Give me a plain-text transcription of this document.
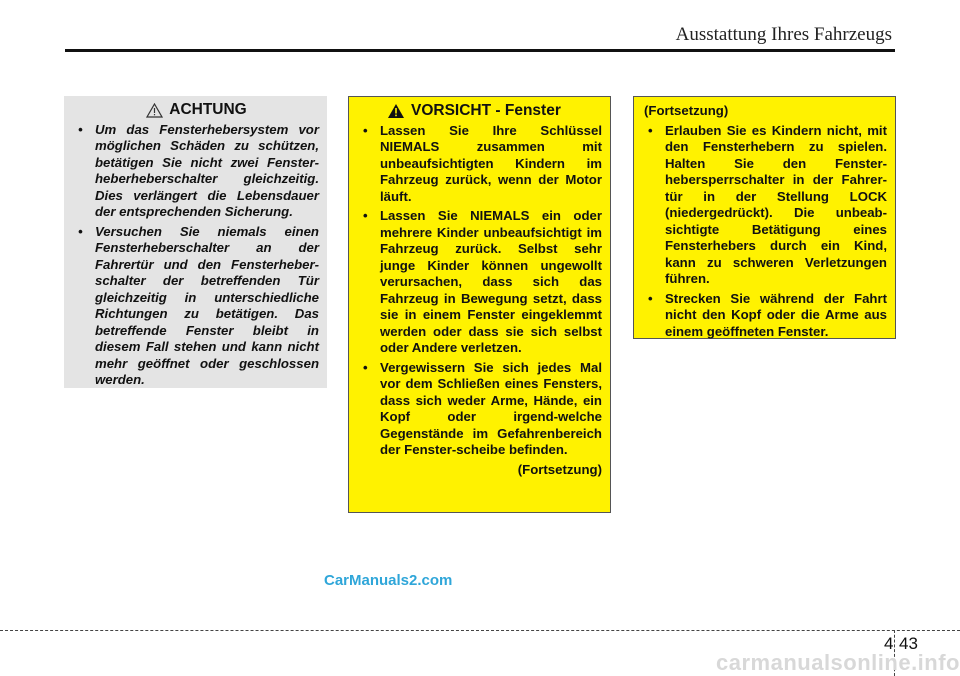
Ausstattung Ihres Fahrzeugs
ACHTUNG
• Um das Fensterhebersystem vor möglichen Schäden zu schützen, betätigen Sie nicht zwei Fenster-heberheberschalter gleichzeitig. Dies verlängert die Lebensdauer der entsprechenden Sicherung.
• Versuchen Sie niemals einen Fensterheberschalter an der Fahrertür und den Fensterheber-schalter der betreffenden Tür gleichzeitig in unterschiedliche Richtungen zu betätigen. Das betreffende Fenster bleibt in diesem Fall stehen und kann nicht mehr geöffnet oder geschlossen werden.
VORSICHT - Fenster
• Lassen Sie Ihre Schlüssel NIEMALS zusammen mit unbeaufsichtigten Kindern im Fahrzeug zurück, wenn der Motor läuft.
• Lassen Sie NIEMALS ein oder mehrere Kinder unbeaufsichtigt im Fahrzeug zurück. Selbst sehr junge Kinder können ungewollt verursachen, dass sich das Fahrzeug in Bewegung setzt, dass sie in einem Fenster eingeklemmt werden oder dass sie sich selbst oder Andere verletzen.
• Vergewissern Sie sich jedes Mal vor dem Schließen eines Fensters, dass sich weder Arme, Hände, ein Kopf oder irgend-welche Gegenstände im Gefahrenbereich der Fenster-scheibe befinden.
(Fortsetzung)
(Fortsetzung)
• Erlauben Sie es Kindern nicht, mit den Fensterhebern zu spielen. Halten Sie den Fenster-hebersperrschalter in der Fahrer-tür in der Stellung LOCK (niedergedrückt). Die unbeab-sichtigte Betätigung eines Fensterhebers durch ein Kind, kann zu schweren Verletzungen führen.
• Strecken Sie während der Fahrt nicht den Kopf oder die Arme aus einem geöffneten Fenster.
CarManuals2.com
4 43
carmanualsonline.info
